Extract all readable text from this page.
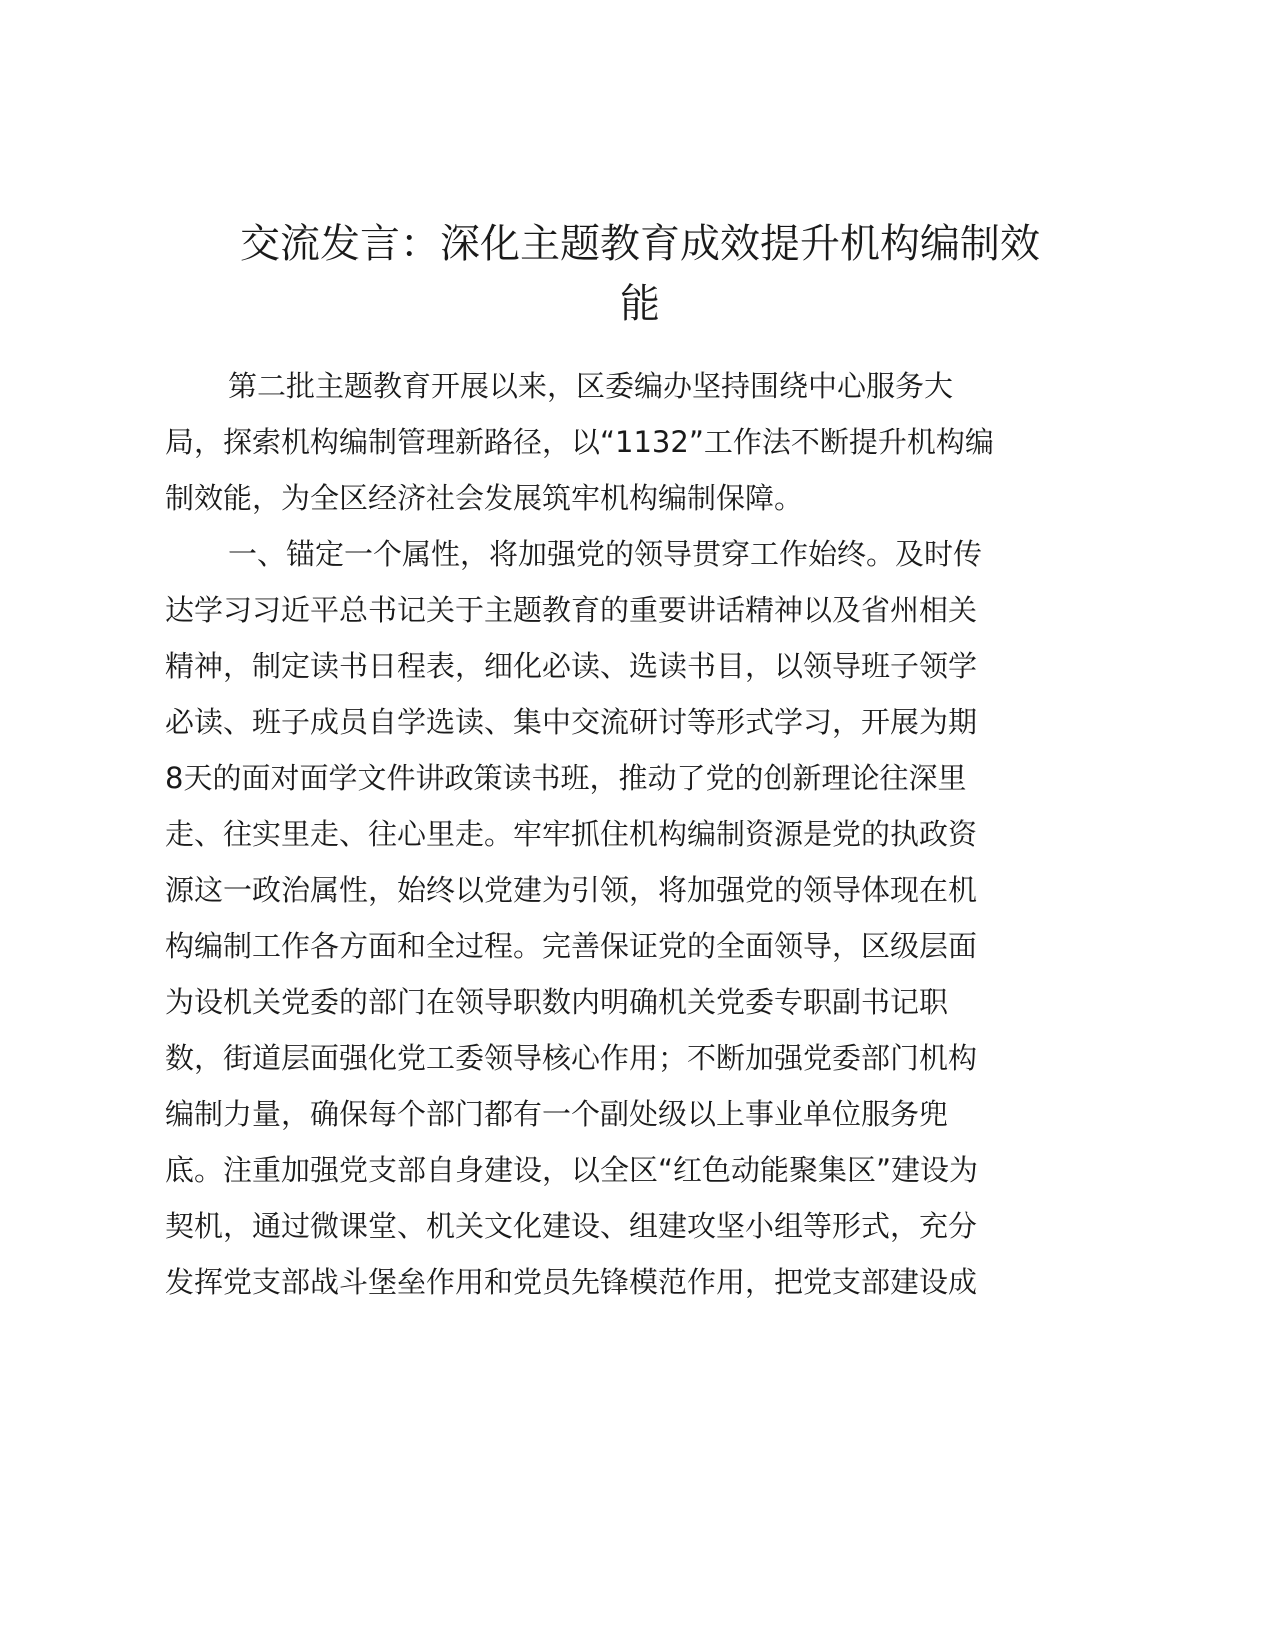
交流发言：深化主题教育成效提升机构编制效
能

第二批主题教育开展以来，区委编办坚持围绕中心服务大

局，探索机构编制管理新路径，以“1132”工作法不断提升机构编

制效能，为全区经济社会发展筑牢机构编制保障。

一、锚定一个属性，将加强党的领导贯穿工作始终。及时传

达学习习近平总书记关于主题教育的重要讲话精神以及省州相关

精神，制定读书日程表，细化必读、选读书目，以领导班子领学

必读、班子成员自学选读、集中交流研讨等形式学习，开展为期

8天的面对面学文件讲政策读书班，推动了党的创新理论往深里

走、往实里走、往心里走。牢牢抓住机构编制资源是党的执政资

源这一政治属性，始终以党建为引领，将加强党的领导体现在机

构编制工作各方面和全过程。完善保证党的全面领导，区级层面

为设机关党委的部门在领导职数内明确机关党委专职副书记职

数，街道层面强化党工委领导核心作用；不断加强党委部门机构

编制力量，确保每个部门都有一个副处级以上事业单位服务兜

底。注重加强党支部自身建设，以全区“红色动能聚集区”建设为

契机，通过微课堂、机关文化建设、组建攻坚小组等形式，充分

发挥党支部战斗堡垒作用和党员先锋模范作用，把党支部建设成
